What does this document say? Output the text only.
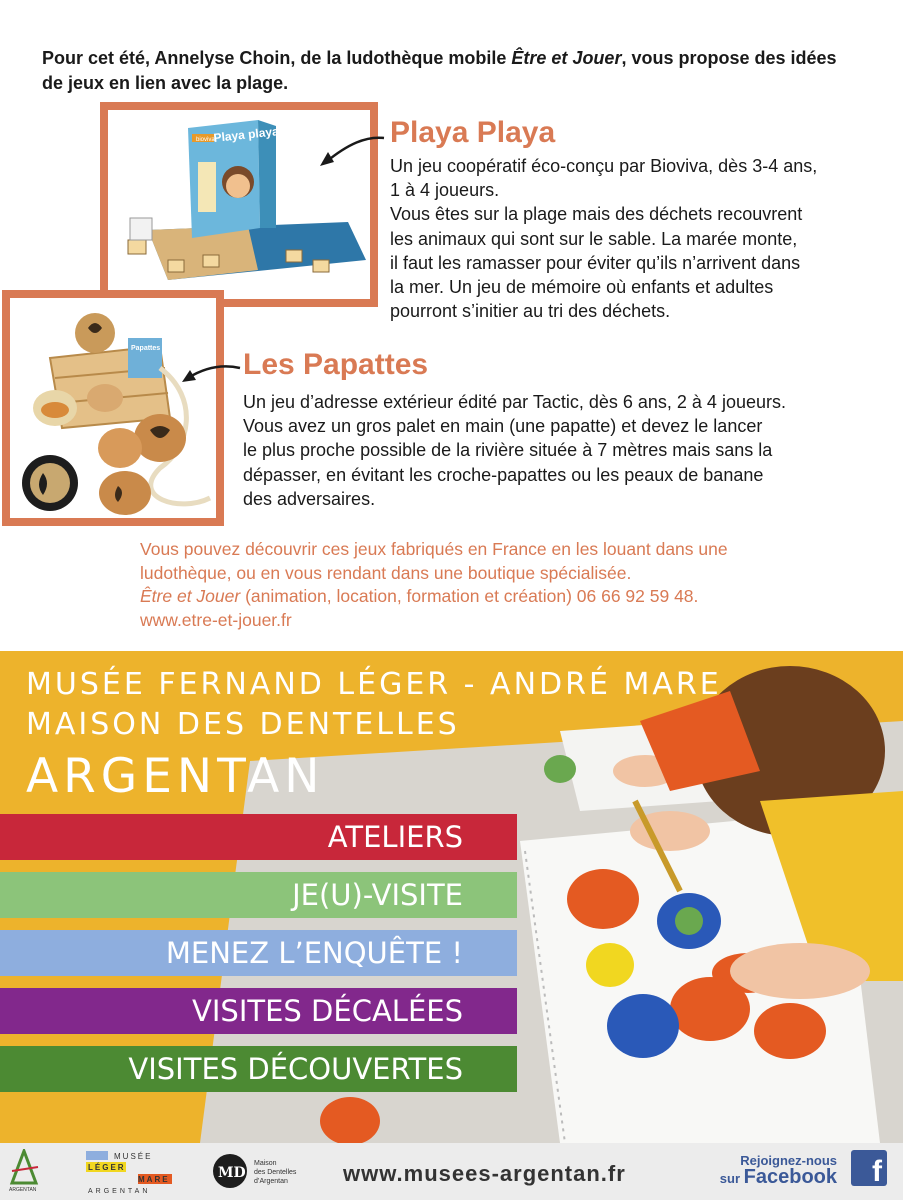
Pour cet été, Annelyse Choin, de la ludothèque mobile Être et Jouer, vous propose des idées de jeux en lien avec la plage.

bioviva
Playa playa
Papattes
Playa Playa
Un jeu coopératif éco-conçu par Bioviva, dès 3-4 ans,
1 à 4 joueurs.
Vous êtes sur la plage mais des déchets recouvrent
les animaux qui sont sur le sable. La marée monte,
il faut les ramasser pour éviter qu’ils n’arrivent dans
la mer. Un jeu de mémoire où enfants et adultes
pourront s’initier au tri des déchets.
Les Papattes
Un jeu d’adresse extérieur édité par Tactic, dès 6 ans, 2 à 4 joueurs.
Vous avez un gros palet en main (une papatte) et devez le lancer
le plus proche possible de la rivière située à 7 mètres mais sans la
dépasser, en évitant les croche-papattes ou les peaux de banane
des adversaires.

Vous pouvez découvrir ces jeux fabriqués en France en les louant dans une

ludothèque, ou en vous rendant dans une boutique spécialisée.

Être et Jouer (animation, location, formation et création) 06 66 92 59 48.

www.etre-et-jouer.fr

MUSÉE FERNAND LÉGER - ANDRÉ MARE
MAISON DES DENTELLES
ARGENTAN
ATELIERS
JE(U)-VISITE
MENEZ L’ENQUÊTE !
VISITES DÉCALÉES
VISITES DÉCOUVERTES
ARGENTAN
MUSÉE
LÉGER
MARE
ARGENTAN
MD
Maison
des Dentelles
d’Argentan	www.musees-argentan.fr
Rejoignez-nous
sur Facebook	f
